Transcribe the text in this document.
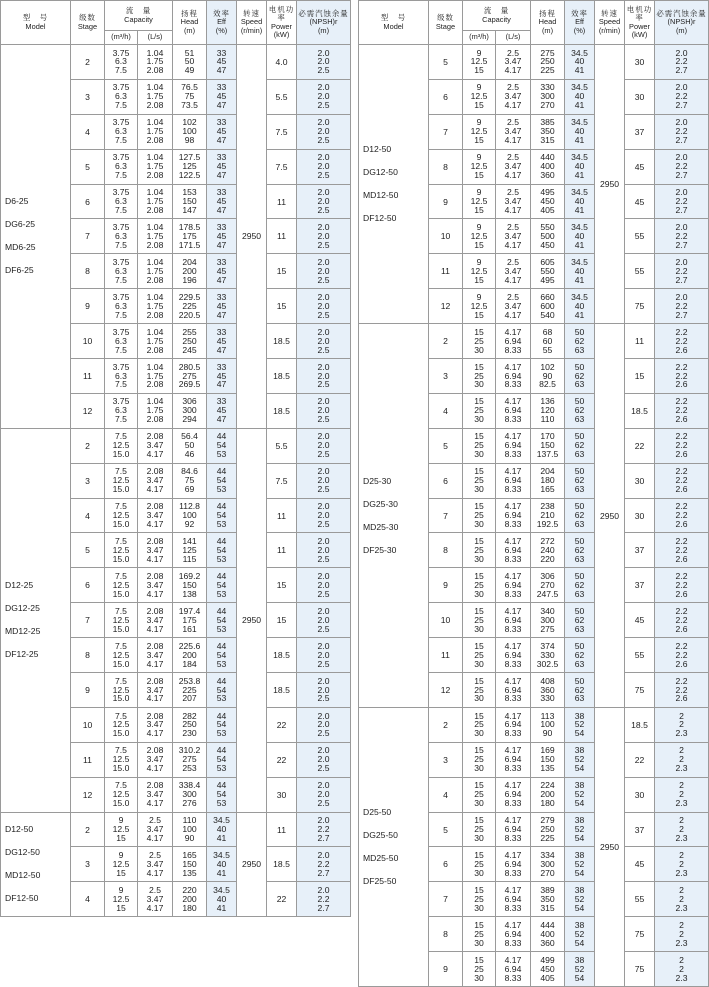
型　号
Model	级数
Stage	流　量
Capacity		扬程
Head
(m)	效率
Eff
(%)	转速
Speed
(r/min)	电机功率
Power
(kW)	必需汽蚀余量
(NPSH)r
(m)
		(m³/h)	(L/s)					

D6-25
DG6-25
MD6-25
DF6-25	2	3.75
6.3
7.5	1.04
1.75
2.08	51
50
49	33
45
47	2950	4.0	2.0
2.0
2.5
	3	3.75
6.3
7.5	1.04
1.75
2.08	76.5
75
73.5	33
45
47		5.5	2.0
2.0
2.5
	4	3.75
6.3
7.5	1.04
1.75
2.08	102
100
98	33
45
47		7.5	2.0
2.0
2.5
	5	3.75
6.3
7.5	1.04
1.75
2.08	127.5
125
122.5	33
45
47		7.5	2.0
2.0
2.5
	6	3.75
6.3
7.5	1.04
1.75
2.08	153
150
147	33
45
47		11	2.0
2.0
2.5
	7	3.75
6.3
7.5	1.04
1.75
2.08	178.5
175
171.5	33
45
47		11	2.0
2.0
2.5
	8	3.75
6.3
7.5	1.04
1.75
2.08	204
200
196	33
45
47		15	2.0
2.0
2.5
	9	3.75
6.3
7.5	1.04
1.75
2.08	229.5
225
220.5	33
45
47		15	2.0
2.0
2.5
	10	3.75
6.3
7.5	1.04
1.75
2.08	255
250
245	33
45
47		18.5	2.0
2.0
2.5
	11	3.75
6.3
7.5	1.04
1.75
2.08	280.5
275
269.5	33
45
47		18.5	2.0
2.0
2.5
	12	3.75
6.3
7.5	1.04
1.75
2.08	306
300
294	33
45
47		18.5	2.0
2.0
2.5

D12-25
DG12-25
MD12-25
DF12-25	2	7.5
12.5
15.0	2.08
3.47
4.17	56.4
50
46	44
54
53	2950	5.5	2.0
2.0
2.5
	3	7.5
12.5
15.0	2.08
3.47
4.17	84.6
75
69	44
54
53		7.5	2.0
2.0
2.5
	4	7.5
12.5
15.0	2.08
3.47
4.17	112.8
100
92	44
54
53		11	2.0
2.0
2.5
	5	7.5
12.5
15.0	2.08
3.47
4.17	141
125
115	44
54
53		11	2.0
2.0
2.5
	6	7.5
12.5
15.0	2.08
3.47
4.17	169.2
150
138	44
54
53		15	2.0
2.0
2.5
	7	7.5
12.5
15.0	2.08
3.47
4.17	197.4
175
161	44
54
53		15	2.0
2.0
2.5
	8	7.5
12.5
15.0	2.08
3.47
4.17	225.6
200
184	44
54
53		18.5	2.0
2.0
2.5
	9	7.5
12.5
15.0	2.08
3.47
4.17	253.8
225
207	44
54
53		18.5	2.0
2.0
2.5
	10	7.5
12.5
15.0	2.08
3.47
4.17	282
250
230	44
54
53		22	2.0
2.0
2.5
	11	7.5
12.5
15.0	2.08
3.47
4.17	310.2
275
253	44
54
53		22	2.0
2.0
2.5
	12	7.5
12.5
15.0	2.08
3.47
4.17	338.4
300
276	44
54
53		30	2.0
2.0
2.5

D12-50
DG12-50
MD12-50
DF12-50	2	9
12.5
15	2.5
3.47
4.17	110
100
90	34.5
40
41	2950	11	2.0
2.2
2.7
	3	9
12.5
15	2.5
3.47
4.17	165
150
135	34.5
40
41		18.5	2.0
2.2
2.7
	4	9
12.5
15	2.5
3.47
4.17	220
200
180	34.5
40
41		22	2.0
2.2
2.7
型　号
Model	级数
Stage	流　量
Capacity		扬程
Head
(m)	效率
Eff
(%)	转速
Speed
(r/min)	电机功率
Power
(kW)	必需汽蚀余量
(NPSH)r
(m)
		(m³/h)	(L/s)					

D12-50
DG12-50
MD12-50
DF12-50	5	9
12.5
15	2.5
3.47
4.17	275
250
225	34.5
40
41	2950	30	2.0
2.2
2.7
	6	9
12.5
15	2.5
3.47
4.17	330
300
270	34.5
40
41		30	2.0
2.2
2.7
	7	9
12.5
15	2.5
3.47
4.17	385
350
315	34.5
40
41		37	2.0
2.2
2.7
	8	9
12.5
15	2.5
3.47
4.17	440
400
360	34.5
40
41		45	2.0
2.2
2.7
	9	9
12.5
15	2.5
3.47
4.17	495
450
405	34.5
40
41		45	2.0
2.2
2.7
	10	9
12.5
15	2.5
3.47
4.17	550
500
450	34.5
40
41		55	2.0
2.2
2.7
	11	9
12.5
15	2.5
3.47
4.17	605
550
495	34.5
40
41		55	2.0
2.2
2.7
	12	9
12.5
15	2.5
3.47
4.17	660
600
540	34.5
40
41		75	2.0
2.2
2.7

D25-30
DG25-30
MD25-30
DF25-30	2	15
25
30	4.17
6.94
8.33	68
60
55	50
62
63	2950	11	2.2
2.2
2.6
	3	15
25
30	4.17
6.94
8.33	102
90
82.5	50
62
63		15	2.2
2.2
2.6
	4	15
25
30	4.17
6.94
8.33	136
120
110	50
62
63		18.5	2.2
2.2
2.6
	5	15
25
30	4.17
6.94
8.33	170
150
137.5	50
62
63		22	2.2
2.2
2.6
	6	15
25
30	4.17
6.94
8.33	204
180
165	50
62
63		30	2.2
2.2
2.6
	7	15
25
30	4.17
6.94
8.33	238
210
192.5	50
62
63		30	2.2
2.2
2.6
	8	15
25
30	4.17
6.94
8.33	272
240
220	50
62
63		37	2.2
2.2
2.6
	9	15
25
30	4.17
6.94
8.33	306
270
247.5	50
62
63		37	2.2
2.2
2.6
	10	15
25
30	4.17
6.94
8.33	340
300
275	50
62
63		45	2.2
2.2
2.6
	11	15
25
30	4.17
6.94
8.33	374
330
302.5	50
62
63		55	2.2
2.2
2.6
	12	15
25
30	4.17
6.94
8.33	408
360
330	50
62
63		75	2.2
2.2
2.6

D25-50
DG25-50
MD25-50
DF25-50	2	15
25
30	4.17
6.94
8.33	113
100
90	38
52
54	2950	18.5	2
2
2.3
	3	15
25
30	4.17
6.94
8.33	169
150
135	38
52
54		22	2
2
2.3
	4	15
25
30	4.17
6.94
8.33	224
200
180	38
52
54		30	2
2
2.3
	5	15
25
30	4.17
6.94
8.33	279
250
225	38
52
54		37	2
2
2.3
	6	15
25
30	4.17
6.94
8.33	334
300
270	38
52
54		45	2
2
2.3
	7	15
25
30	4.17
6.94
8.33	389
350
315	38
52
54		55	2
2
2.3
	8	15
25
30	4.17
6.94
8.33	444
400
360	38
52
54		75	2
2
2.3
	9	15
25
30	4.17
6.94
8.33	499
450
405	38
52
54		75	2
2
2.3
